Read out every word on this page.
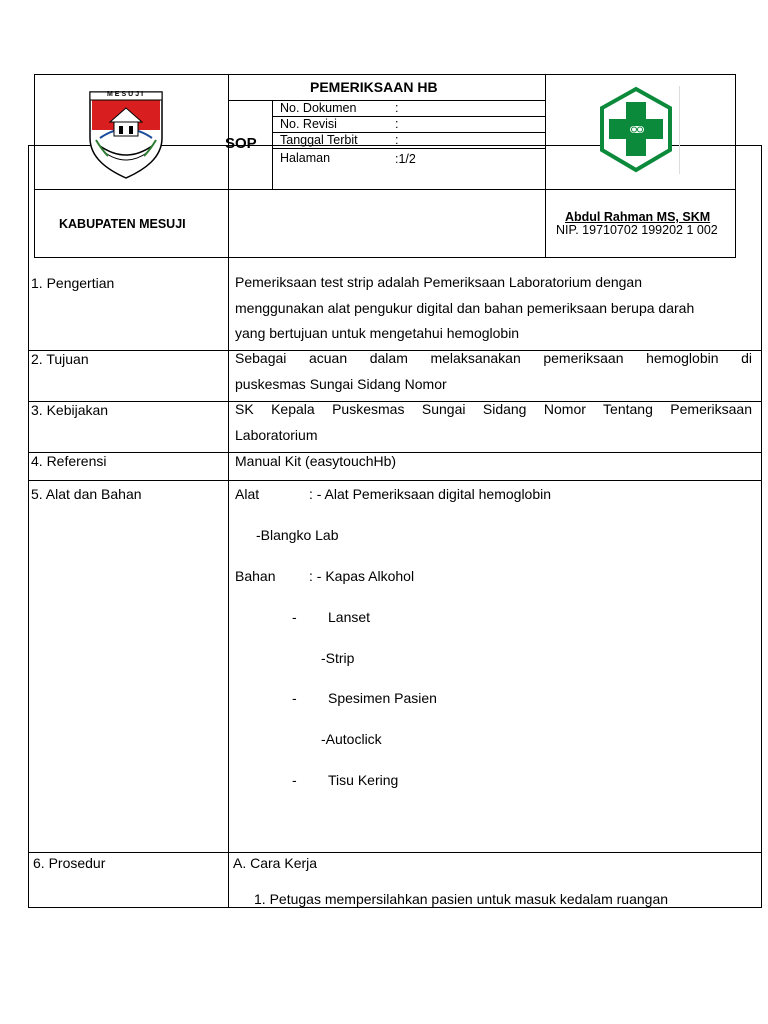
MESUJI	PEMERIKSAAN HB
SOP
No. Dokumen	:
No. Revisi	:
Tanggal Terbit	:
Halaman	:1/2
KABUPATEN MESUJI	Abdul Rahman MS, SKM
NIP. 19710702 199202 1 002
1. Pengertian	Pemeriksaan test strip adalah Pemeriksaan Laboratorium dengan
menggunakan alat pengukur digital dan bahan pemeriksaan berupa darah
yang bertujuan untuk mengetahui hemoglobin
2. Tujuan	Sebagai acuan dalam melaksanakan pemeriksaan hemoglobin di
puskesmas Sungai Sidang Nomor
3. Kebijakan	SK Kepala Puskesmas Sungai Sidang Nomor Tentang Pemeriksaan
Laboratorium
4. Referensi	Manual Kit (easytouchHb)
5. Alat dan Bahan	Alat	: - Alat Pemeriksaan digital hemoglobin
-Blangko Lab
Bahan : - Kapas Alkohol
- Lanset
-Strip
- Spesimen Pasien
-Autoclick
- Tisu Kering
6. Prosedur	A. Cara Kerja
1. Petugas mempersilahkan pasien untuk masuk kedalam ruangan
